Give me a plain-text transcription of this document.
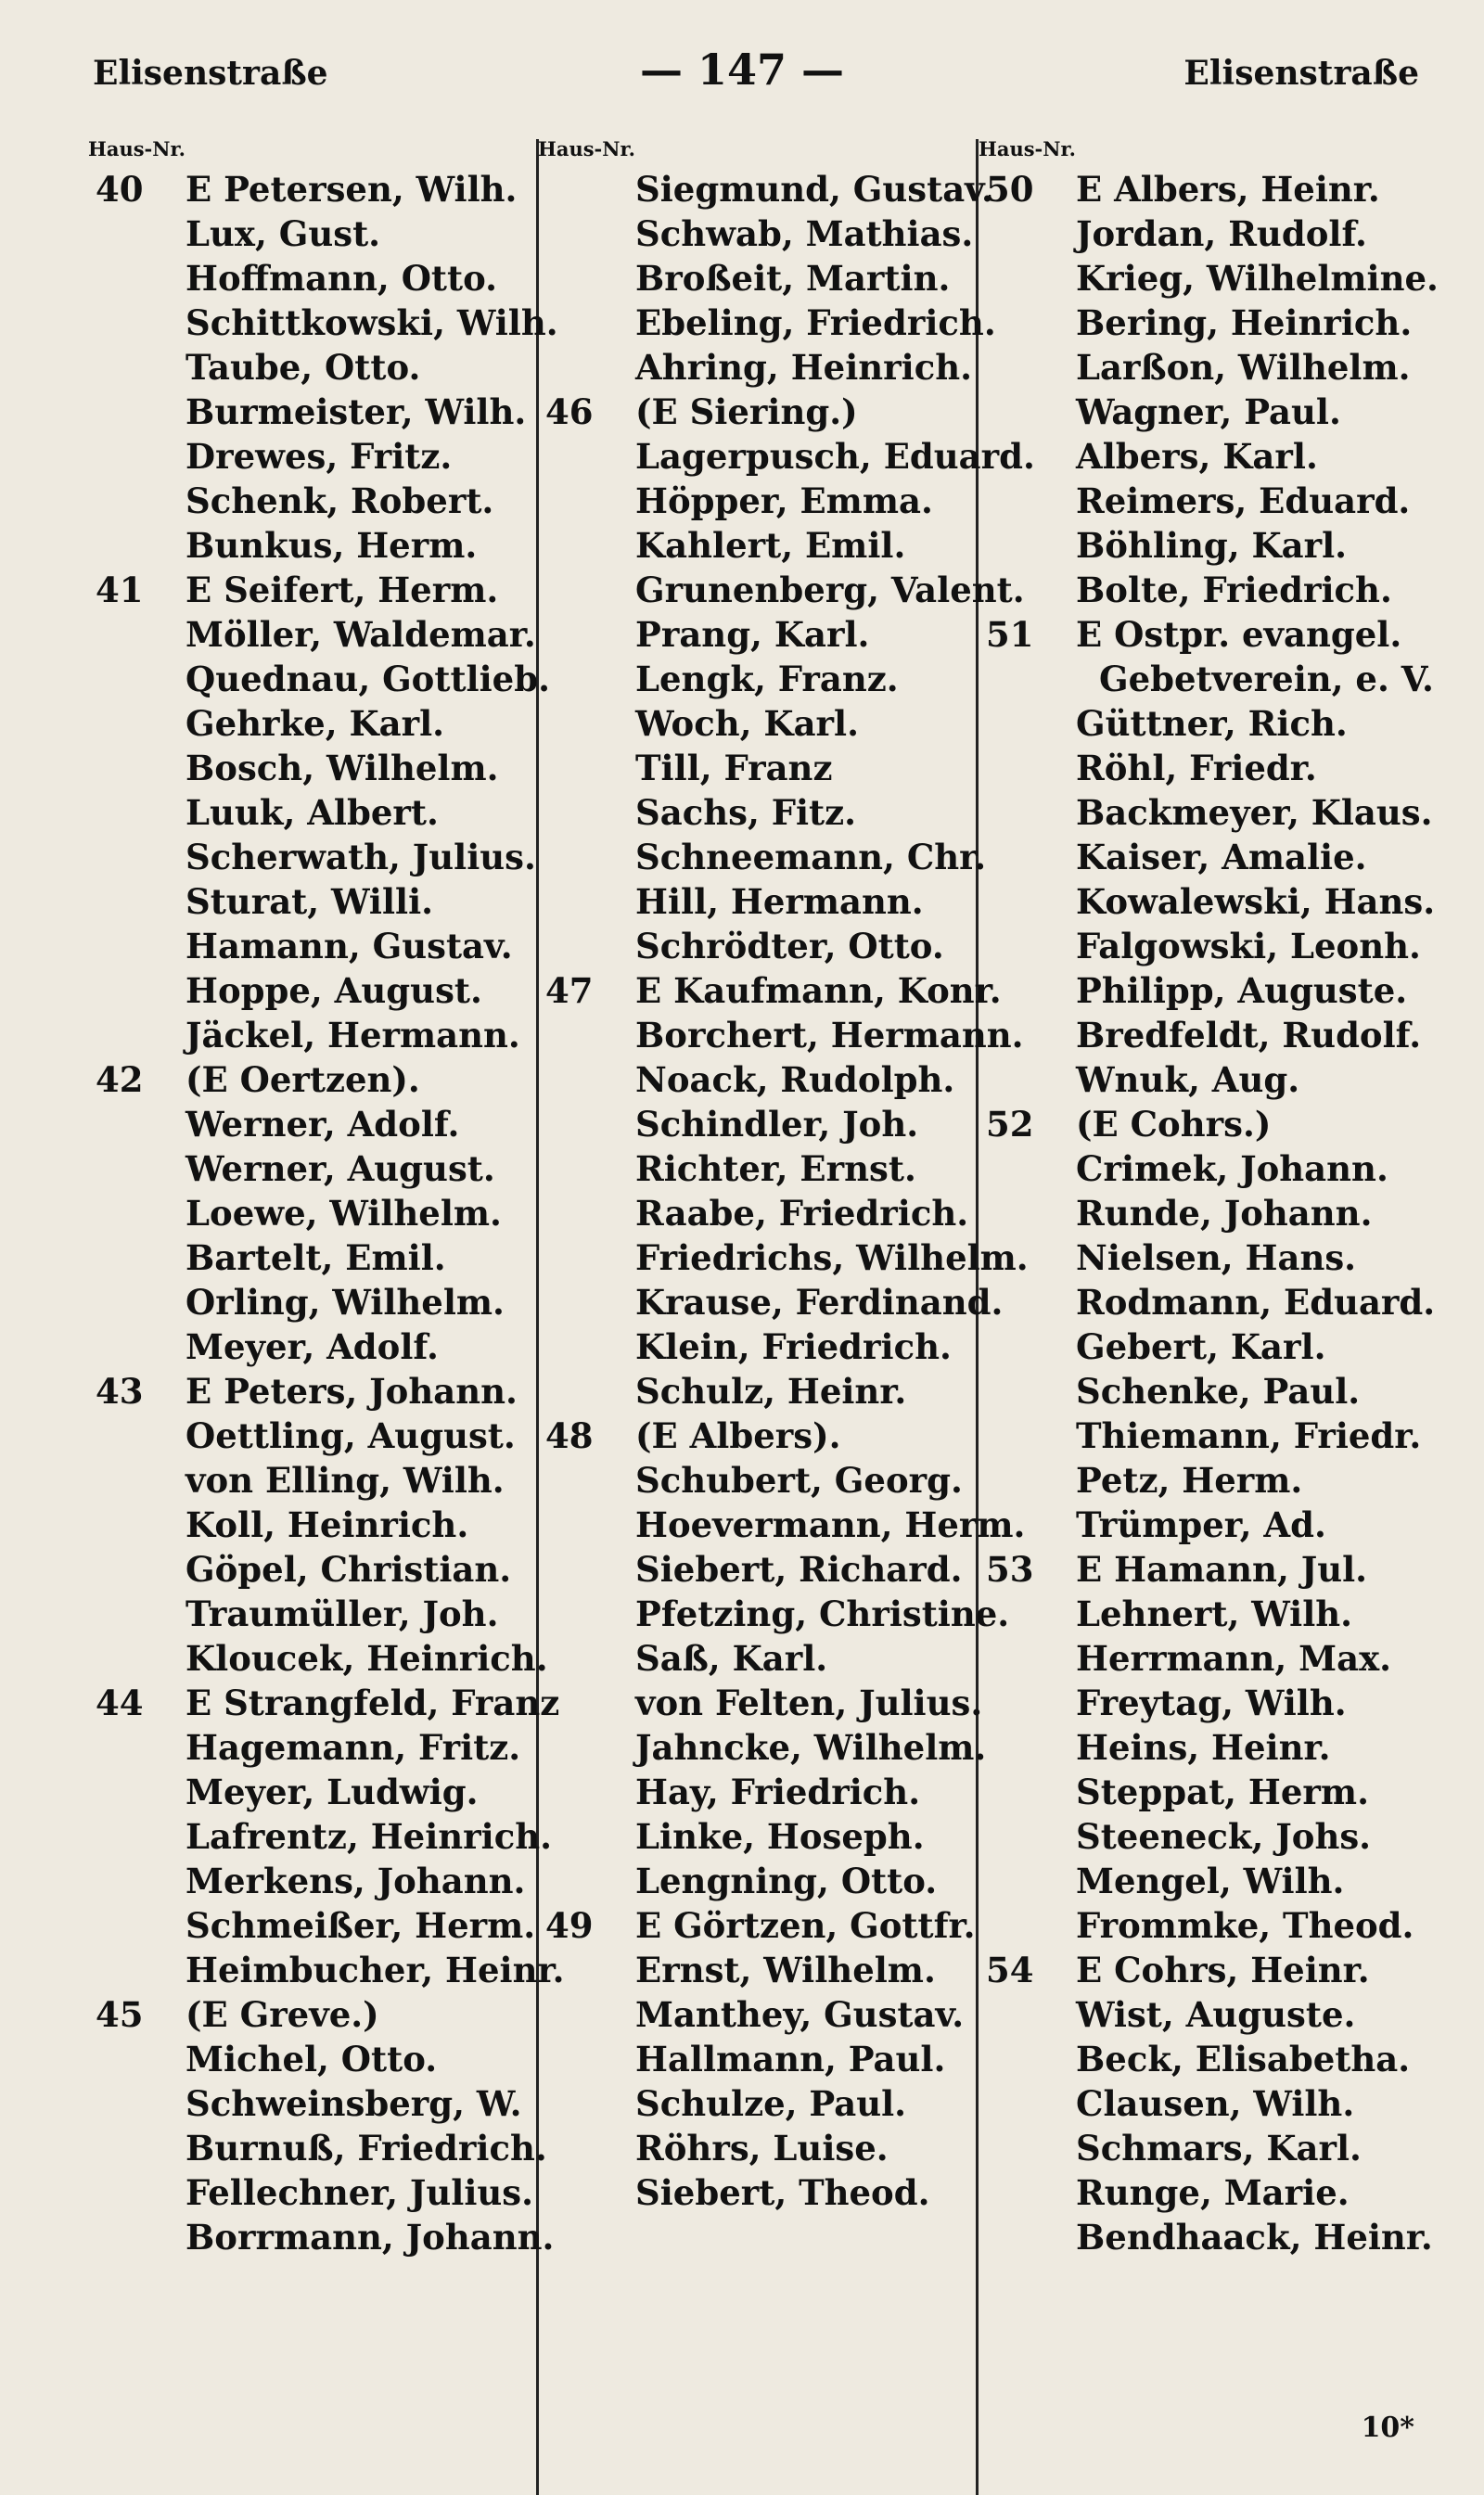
Elisenstraße	— 147 —	Elisenstraße
Haus-Nr.
40	E Petersen, Wilh.
Lux, Gust.
Hoffmann, Otto.
Schittkowski, Wilh.
Taube, Otto.
Burmeister, Wilh.
Drewes, Fritz.
Schenk, Robert.
Bunkus, Herm.
41	E Seifert, Herm.
Möller, Waldemar.
Quednau, Gottlieb.
Gehrke, Karl.
Bosch, Wilhelm.
Luuk, Albert.
Scherwath, Julius.
Sturat, Willi.
Hamann, Gustav.
Hoppe, August.
Jäckel, Hermann.
42	(E Oertzen).
Werner, Adolf.
Werner, August.
Loewe, Wilhelm.
Bartelt, Emil.
Orling, Wilhelm.
Meyer, Adolf.
43	E Peters, Johann.
Oettling, August.
von Elling, Wilh.
Koll, Heinrich.
Göpel, Christian.
Traumüller, Joh.
Kloucek, Heinrich.
44	E Strangfeld, Franz
Hagemann, Fritz.
Meyer, Ludwig.
Lafrentz, Heinrich.
Merkens, Johann.
Schmeißer, Herm.
Heimbucher, Heinr.
45	(E Greve.)
Michel, Otto.
Schweinsberg, W.
Burnuß, Friedrich.
Fellechner, Julius.
Borrmann, Johann.
Haus-Nr.
Siegmund, Gustav.
Schwab, Mathias.
Broßeit, Martin.
Ebeling, Friedrich.
Ahring, Heinrich.
46	(E Siering.)
Lagerpusch, Eduard.
Höpper, Emma.
Kahlert, Emil.
Grunenberg, Valent.
Prang, Karl.
Lengk, Franz.
Woch, Karl.
Till, Franz
Sachs, Fitz.
Schneemann, Chr.
Hill, Hermann.
Schrödter, Otto.
47	E Kaufmann, Konr.
Borchert, Hermann.
Noack, Rudolph.
Schindler, Joh.
Richter, Ernst.
Raabe, Friedrich.
Friedrichs, Wilhelm.
Krause, Ferdinand.
Klein, Friedrich.
Schulz, Heinr.
48	(E Albers).
Schubert, Georg.
Hoevermann, Herm.
Siebert, Richard.
Pfetzing, Christine.
Saß, Karl.
von Felten, Julius.
Jahncke, Wilhelm.
Hay, Friedrich.
Linke, Hoseph.
Lengning, Otto.
49	E Görtzen, Gottfr.
Ernst, Wilhelm.
Manthey, Gustav.
Hallmann, Paul.
Schulze, Paul.
Röhrs, Luise.
Siebert, Theod.
Haus-Nr.
50	E Albers, Heinr.
Jordan, Rudolf.
Krieg, Wilhelmine.
Bering, Heinrich.
Larßon, Wilhelm.
Wagner, Paul.
Albers, Karl.
Reimers, Eduard.
Böhling, Karl.
Bolte, Friedrich.
51	E Ostpr. evangel.
Gebetverein, e. V.
Güttner, Rich.
Röhl, Friedr.
Backmeyer, Klaus.
Kaiser, Amalie.
Kowalewski, Hans.
Falgowski, Leonh.
Philipp, Auguste.
Bredfeldt, Rudolf.
Wnuk, Aug.
52	(E Cohrs.)
Crimek, Johann.
Runde, Johann.
Nielsen, Hans.
Rodmann, Eduard.
Gebert, Karl.
Schenke, Paul.
Thiemann, Friedr.
Petz, Herm.
Trümper, Ad.
53	E Hamann, Jul.
Lehnert, Wilh.
Herrmann, Max.
Freytag, Wilh.
Heins, Heinr.
Steppat, Herm.
Steeneck, Johs.
Mengel, Wilh.
Frommke, Theod.
54	E Cohrs, Heinr.
Wist, Auguste.
Beck, Elisabetha.
Clausen, Wilh.
Schmars, Karl.
Runge, Marie.
Bendhaack, Heinr.
10*
